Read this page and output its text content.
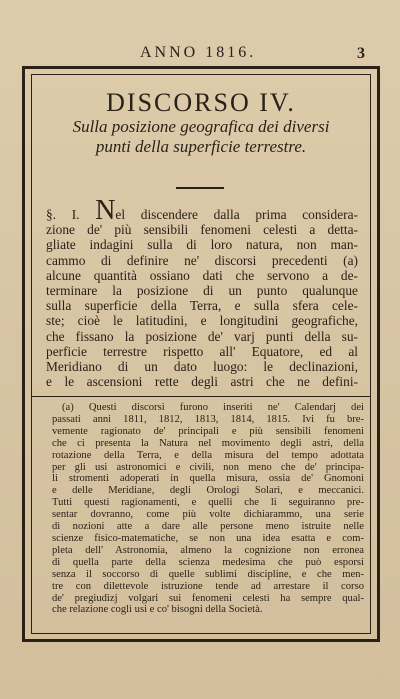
ANNO 1816.	3
DISCORSO IV.
Sulla posizione geografica dei diversi
punti della superficie terrestre.
§. I. Nel discendere dalla prima considera-
zione de' più sensibili fenomeni celesti a detta-
gliate indagini sulla di loro natura, non man-
cammo di definire ne' discorsi precedenti (a)
alcune quantità ossiano dati che servono a de-
terminare la posizione di un punto qualunque
sulla superficie della Terra, e sulla sfera cele-
ste; cioè le latitudini, e longitudini geografiche,
che fissano la posizione de' varj punti della su-
perficie terrestre rispetto all' Equatore, ed al
Meridiano di un dato luogo: le declinazioni,
e le ascensioni rette degli astri che ne defini-
(a) Questi discorsi furono inseriti ne' Calendarj dei
passati anni 1811, 1812, 1813, 1814, 1815. Ivi fu bre-
vemente ragionato de' principali e più sensibili fenomeni
che ci presenta la Natura nel movimento degli astri, della
rotazione della Terra, e della misura del tempo adottata
per gli usi astronomici e civili, non meno che de' principa-
li stromenti adoperati in quella misura, ossia de' Gnomoni
e delle Meridiane, degli Orologi Solari, e meccanici.
Tutti questi ragionamenti, e quelli che li seguiranno pre-
sentar dovranno, come più volte dichiarammo, una serie
di nozioni atte a dare alle persone meno istruite nelle
scienze fisico-matematiche, se non una idea esatta e com-
pleta dell' Astronomia, almeno la cognizione non erronea
di quella parte della scienza medesima che può esporsi
senza il soccorso di quelle sublimi discipline, e che men-
tre con dilettevole istruzione tende ad arrestare il corso
de' pregiudizj volgari sui fenomeni celesti ha sempre qual-
che relazione cogli usi e co' bisogni della Società.
